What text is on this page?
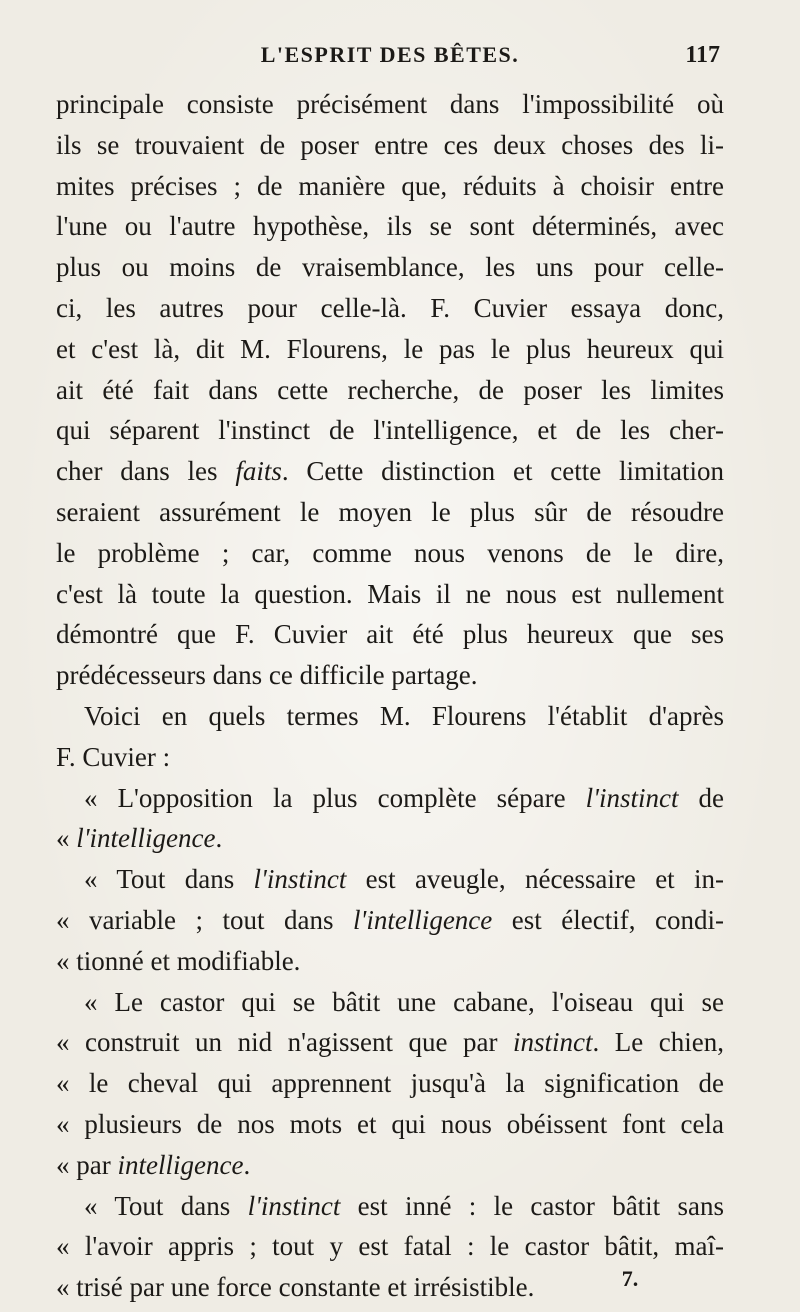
L'ESPRIT DES BÊTES.	117
principale consiste précisément dans l'impossibilité où
ils se trouvaient de poser entre ces deux choses des li-
mites précises ; de manière que, réduits à choisir entre
l'une ou l'autre hypothèse, ils se sont déterminés, avec
plus ou moins de vraisemblance, les uns pour celle-
ci, les autres pour celle-là. F. Cuvier essaya donc,
et c'est là, dit M. Flourens, le pas le plus heureux qui
ait été fait dans cette recherche, de poser les limites
qui séparent l'instinct de l'intelligence, et de les cher-
cher dans les faits. Cette distinction et cette limitation
seraient assurément le moyen le plus sûr de résoudre
le problème ; car, comme nous venons de le dire,
c'est là toute la question. Mais il ne nous est nullement
démontré que F. Cuvier ait été plus heureux que ses
prédécesseurs dans ce difficile partage.
Voici en quels termes M. Flourens l'établit d'après
F. Cuvier :
« L'opposition la plus complète sépare l'instinct de
« l'intelligence.
« Tout dans l'instinct est aveugle, nécessaire et in-
« variable ; tout dans l'intelligence est électif, condi-
« tionné et modifiable.
« Le castor qui se bâtit une cabane, l'oiseau qui se
« construit un nid n'agissent que par instinct. Le chien,
« le cheval qui apprennent jusqu'à la signification de
« plusieurs de nos mots et qui nous obéissent font cela
« par intelligence.
« Tout dans l'instinct est inné : le castor bâtit sans
« l'avoir appris ; tout y est fatal : le castor bâtit, maî-
« trisé par une force constante et irrésistible.	7.
